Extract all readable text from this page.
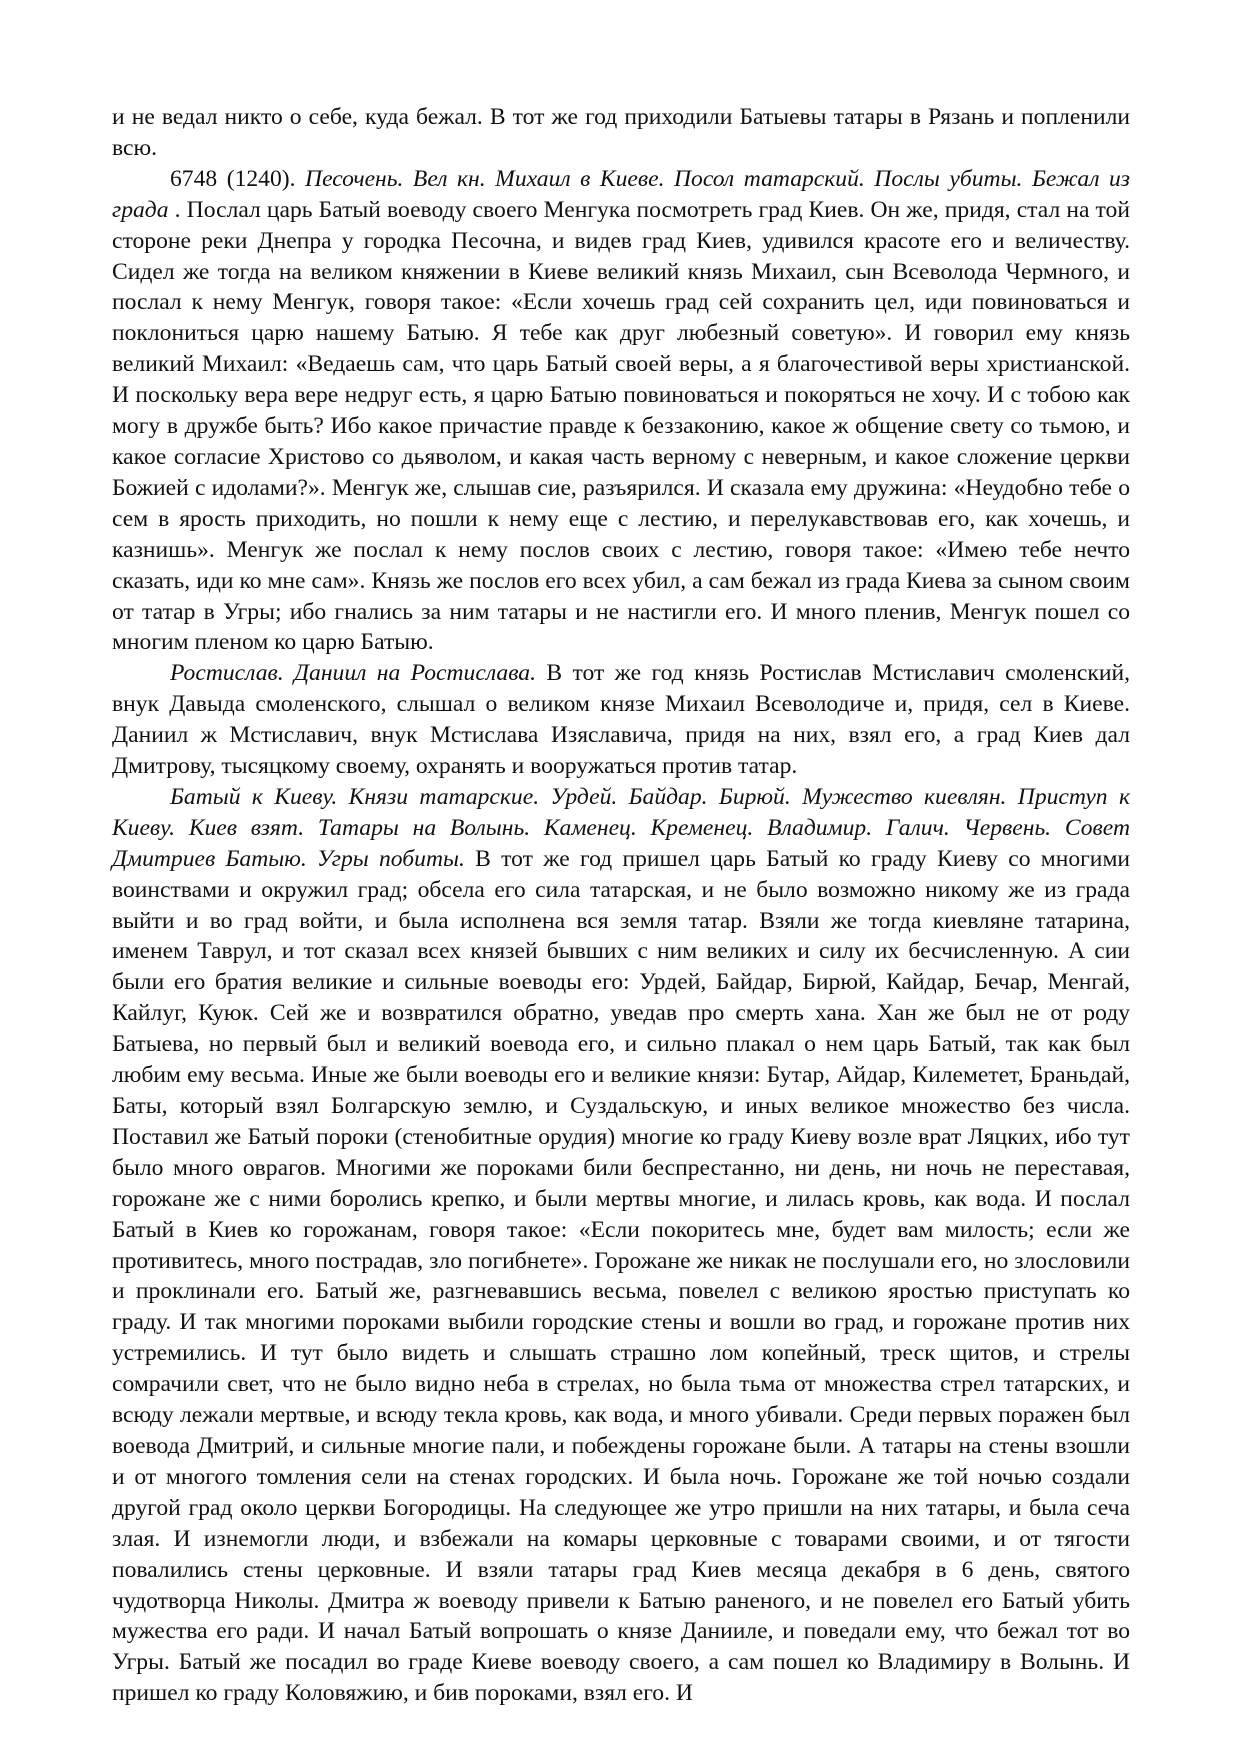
и не ведал никто о себе, куда бежал. В тот же год приходили Батыевы татары в Рязань и попленили всю.

6748 (1240). Песочень. Вел кн. Михаил в Киеве. Посол татарский. Послы убиты. Бежал из града . Послал царь Батый воеводу своего Менгука посмотреть град Киев. Он же, придя, стал на той стороне реки Днепра у городка Песочна, и видев град Киев, удивился красоте его и величеству. Сидел же тогда на великом княжении в Киеве великий князь Михаил, сын Всеволода Чермного, и послал к нему Менгук, говоря такое: «Если хочешь град сей сохранить цел, иди повиноваться и поклониться царю нашему Батыю. Я тебе как друг любезный советую». И говорил ему князь великий Михаил: «Ведаешь сам, что царь Батый своей веры, а я благочестивой веры христианской. И поскольку вера вере недруг есть, я царю Батыю повиноваться и покоряться не хочу. И с тобою как могу в дружбе быть? Ибо какое причастие правде к беззаконию, какое ж общение свету со тьмою, и какое согласие Христово со дьяволом, и какая часть верному с неверным, и какое сложение церкви Божией с идолами?». Менгук же, слышав сие, разъярился. И сказала ему дружина: «Неудобно тебе о сем в ярость приходить, но пошли к нему еще с лестию, и перелукавствовав его, как хочешь, и казнишь». Менгук же послал к нему послов своих с лестию, говоря такое: «Имею тебе нечто сказать, иди ко мне сам». Князь же послов его всех убил, а сам бежал из града Киева за сыном своим от татар в Угры; ибо гнались за ним татары и не настигли его. И много пленив, Менгук пошел со многим пленом ко царю Батыю.

Ростислав. Даниил на Ростислава. В тот же год князь Ростислав Мстиславич смоленский, внук Давыда смоленского, слышал о великом князе Михаил Всеволодиче и, придя, сел в Киеве. Даниил ж Мстиславич, внук Мстислава Изяславича, придя на них, взял его, а град Киев дал Дмитрову, тысяцкому своему, охранять и вооружаться против татар.

Батый к Киеву. Князи татарские. Урдей. Байдар. Бирюй. Мужество киевлян. Приступ к Киеву. Киев взят. Татары на Волынь. Каменец. Кременец. Владимир. Галич. Червень. Совет Дмитриев Батыю. Угры побиты. В тот же год пришел царь Батый ко граду Киеву со многими воинствами и окружил град; обсела его сила татарская, и не было возможно никому же из града выйти и во град войти, и была исполнена вся земля татар. Взяли же тогда киевляне татарина, именем Таврул, и тот сказал всех князей бывших с ним великих и силу их бесчисленную. А сии были его братия великие и сильные воеводы его: Урдей, Байдар, Бирюй, Кайдар, Бечар, Менгай, Кайлуг, Куюк. Сей же и возвратился обратно, уведав про смерть хана. Хан же был не от роду Батыева, но первый был и великий воевода его, и сильно плакал о нем царь Батый, так как был любим ему весьма. Иные же были воеводы его и великие князи: Бутар, Айдар, Килеметет, Браньдай, Баты, который взял Болгарскую землю, и Суздальскую, и иных великое множество без числа. Поставил же Батый пороки (стенобитные орудия) многие ко граду Киеву возле врат Ляцких, ибо тут было много оврагов. Многими же пороками били беспрестанно, ни день, ни ночь не переставая, горожане же с ними боролись крепко, и были мертвы многие, и лилась кровь, как вода. И послал Батый в Киев ко горожанам, говоря такое: «Если покоритесь мне, будет вам милость; если же противитесь, много пострадав, зло погибнете». Горожане же никак не послушали его, но злословили и проклинали его. Батый же, разгневавшись весьма, повелел с великою яростью приступать ко граду. И так многими пороками выбили городские стены и вошли во град, и горожане против них устремились. И тут было видеть и слышать страшно лом копейный, треск щитов, и стрелы сомрачили свет, что не было видно неба в стрелах, но была тьма от множества стрел татарских, и всюду лежали мертвые, и всюду текла кровь, как вода, и много убивали. Среди первых поражен был воевода Дмитрий, и сильные многие пали, и побеждены горожане были. А татары на стены взошли и от многого томления сели на стенах городских. И была ночь. Горожане же той ночью создали другой град около церкви Богородицы. На следующее же утро пришли на них татары, и была сеча злая. И изнемогли люди, и взбежали на комары церковные с товарами своими, и от тягости повалились стены церковные. И взяли татары град Киев месяца декабря в 6 день, святого чудотворца Николы. Дмитра ж воеводу привели к Батыю раненого, и не повелел его Батый убить мужества его ради. И начал Батый вопрошать о князе Данииле, и поведали ему, что бежал тот во Угры. Батый же посадил во граде Киеве воеводу своего, а сам пошел ко Владимиру в Волынь. И пришел ко граду Коловяжию, и бив пороками, взял его. И
